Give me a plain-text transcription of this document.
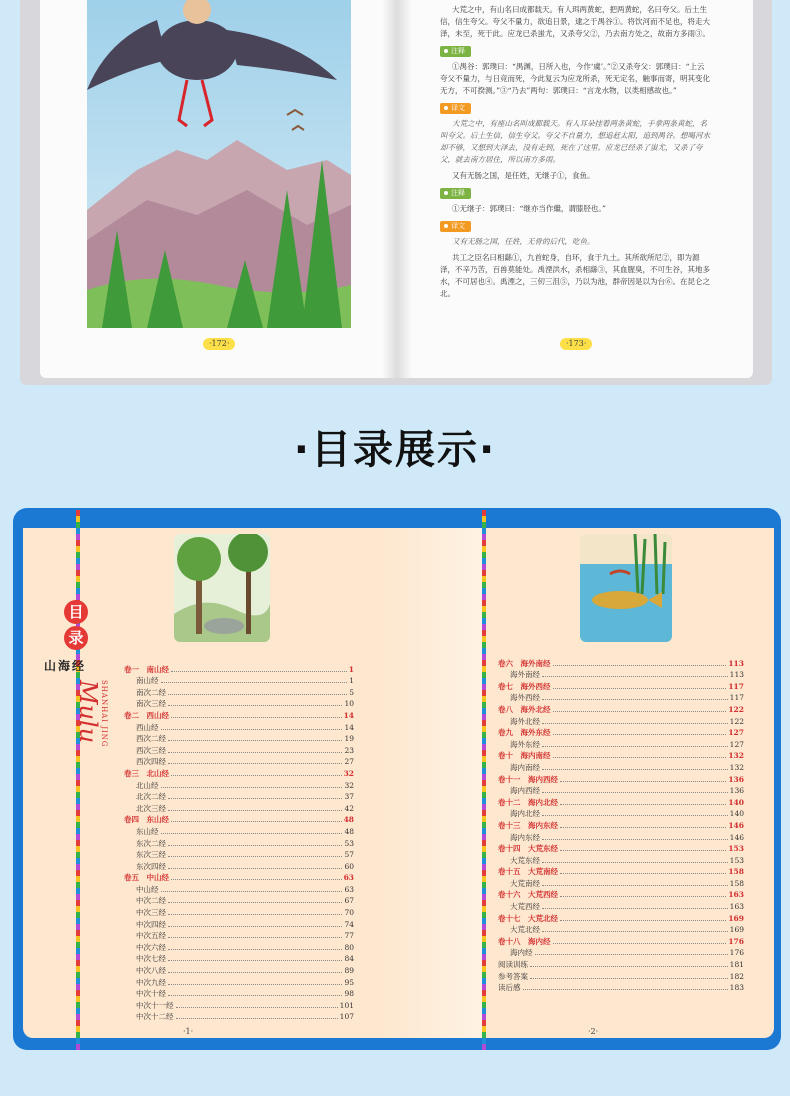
·172·	·173·

大荒之中，有山名曰成都载天。有人珥两黄蛇，把两黄蛇，名曰夸父。后土生信，信生夸父。夸父不量力，欲追日景，逮之于禺谷①。将饮河而不足也，将走大泽，未至，死于此。应龙已杀蚩尤，又杀夸父②，乃去南方处之，故南方多雨③。

注释

①禺谷：郭璞曰：“禺渊，日所入也，今作‘虞’。”②又杀夸父：郭璞曰：“上云夸父不量力，与日竞而死，今此复云为应龙所杀，死无定名，触事而寄，明其变化无方，不可揆测。”③“乃去”两句：郭璞曰：“言龙水物，以类相感故也。”

译文

大荒之中，有座山名叫成都载天。有人耳朵挂着两条黄蛇，手拿两条黄蛇，名叫夸父。后土生信，信生夸父。夸父不自量力，想追赶太阳，追到禺谷。想喝河水却不够，又想到大泽去，没有走到，死在了这里。应龙已经杀了蚩尤，又杀了夸父，就去南方居住，所以南方多雨。

又有无肠之国，是任姓，无继子①，食鱼。

注释

①无继子：郭璞曰：“继亦当作繼，谓膝胫也。”

译文

又有无肠之国，任姓，无骨的后代，吃鱼。

共工之臣名曰相繇①，九首蛇身，自环，食于九土。其所欲所尼②，即为源泽，不辛乃苦，百兽莫能处。禹湮洪水，杀相繇③，其血腥臭，不可生谷，其地多水，不可居也④。禹湮之，三仞三沮⑤，乃以为池，群帝因是以为台⑥。在昆仑之北。

·目录展示·
目
录
山海经
Mulu
SHANHAI JING
卷一　南山经	1
南山经	1
南次二经	5
南次三经	10
卷二　西山经	14
西山经	14
西次二经	19
西次三经	23
西次四经	27
卷三　北山经	32
北山经	32
北次二经	37
北次三经	42
卷四　东山经	48
东山经	48
东次二经	53
东次三经	57
东次四经	60
卷五　中山经	63
中山经	63
中次二经	67
中次三经	70
中次四经	74
中次五经	77
中次六经	80
中次七经	84
中次八经	89
中次九经	95
中次十经	98
中次十一经	101
中次十二经	107
卷六　海外南经	113
海外南经	113
卷七　海外西经	117
海外西经	117
卷八　海外北经	122
海外北经	122
卷九　海外东经	127
海外东经	127
卷十　海内南经	132
海内南经	132
卷十一　海内西经	136
海内西经	136
卷十二　海内北经	140
海内北经	140
卷十三　海内东经	146
海内东经	146
卷十四　大荒东经	153
大荒东经	153
卷十五　大荒南经	158
大荒南经	158
卷十六　大荒西经	163
大荒西经	163
卷十七　大荒北经	169
大荒北经	169
卷十八　海内经	176
海内经	176
阅读训练	181
参考答案	182
读后感	183
·1·	·2·
